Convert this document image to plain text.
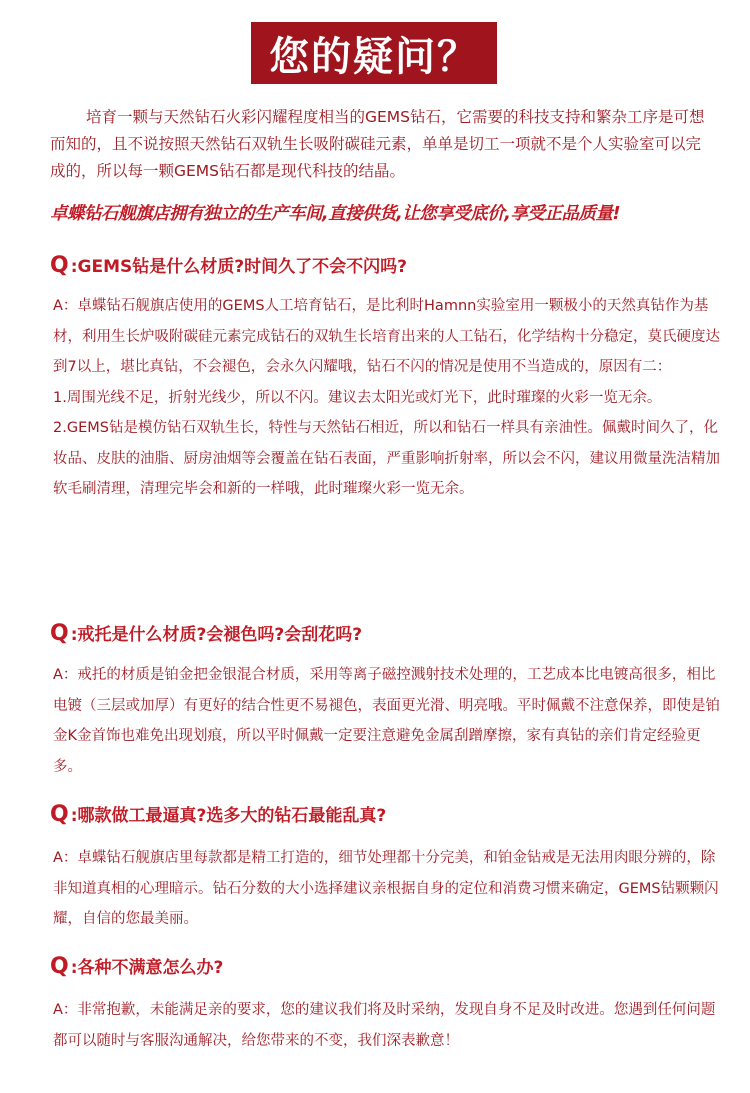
您的疑问？
培育一颗与天然钻石火彩闪耀程度相当的GEMS钻石，它需要的科技支持和繁杂工序是可想而知的，且不说按照天然钻石双轨生长吸附碳硅元素，单单是切工一项就不是个人实验室可以完成的，所以每一颗GEMS钻石都是现代科技的结晶。
卓蝶钻石舰旗店拥有独立的生产车间,直接供货,让您享受底价,享受正品质量!
Q :GEMS钻是什么材质?时间久了不会不闪吗?

A：卓蝶钻石舰旗店使用的GEMS人工培育钻石，是比利时Hamnn实验室用一颗极小的天然真钻作为基材，利用生长炉吸附碳硅元素完成钻石的双轨生长培育出来的人工钻石，化学结构十分稳定，莫氏硬度达到7以上，堪比真钻，不会褪色，会永久闪耀哦，钻石不闪的情况是使用不当造成的，原因有二：

1.周围光线不足，折射光线少，所以不闪。建议去太阳光或灯光下，此时璀璨的火彩一览无余。

2.GEMS钻是模仿钻石双轨生长，特性与天然钻石相近，所以和钻石一样具有亲油性。佩戴时间久了，化妆品、皮肤的油脂、厨房油烟等会覆盖在钻石表面，严重影响折射率，所以会不闪，建议用微量洗洁精加软毛刷清理，清理完毕会和新的一样哦，此时璀璨火彩一览无余。

Q :戒托是什么材质?会褪色吗?会刮花吗?

A：戒托的材质是铂金把金银混合材质，采用等离子磁控溅射技术处理的，工艺成本比电镀高很多，相比电镀（三层或加厚）有更好的结合性更不易褪色，表面更光滑、明亮哦。平时佩戴不注意保养，即使是铂金K金首饰也难免出现划痕，所以平时佩戴一定要注意避免金属刮蹭摩擦，家有真钻的亲们肯定经验更多。

Q :哪款做工最逼真?选多大的钻石最能乱真?

A：卓蝶钻石舰旗店里每款都是精工打造的，细节处理都十分完美，和铂金钻戒是无法用肉眼分辨的，除非知道真相的心理暗示。钻石分数的大小选择建议亲根据自身的定位和消费习惯来确定，GEMS钻颗颗闪耀，自信的您最美丽。

Q :各种不满意怎么办?

A：非常抱歉，未能满足亲的要求，您的建议我们将及时采纳，发现自身不足及时改进。您遇到任何问题都可以随时与客服沟通解决，给您带来的不变，我们深表歉意！
